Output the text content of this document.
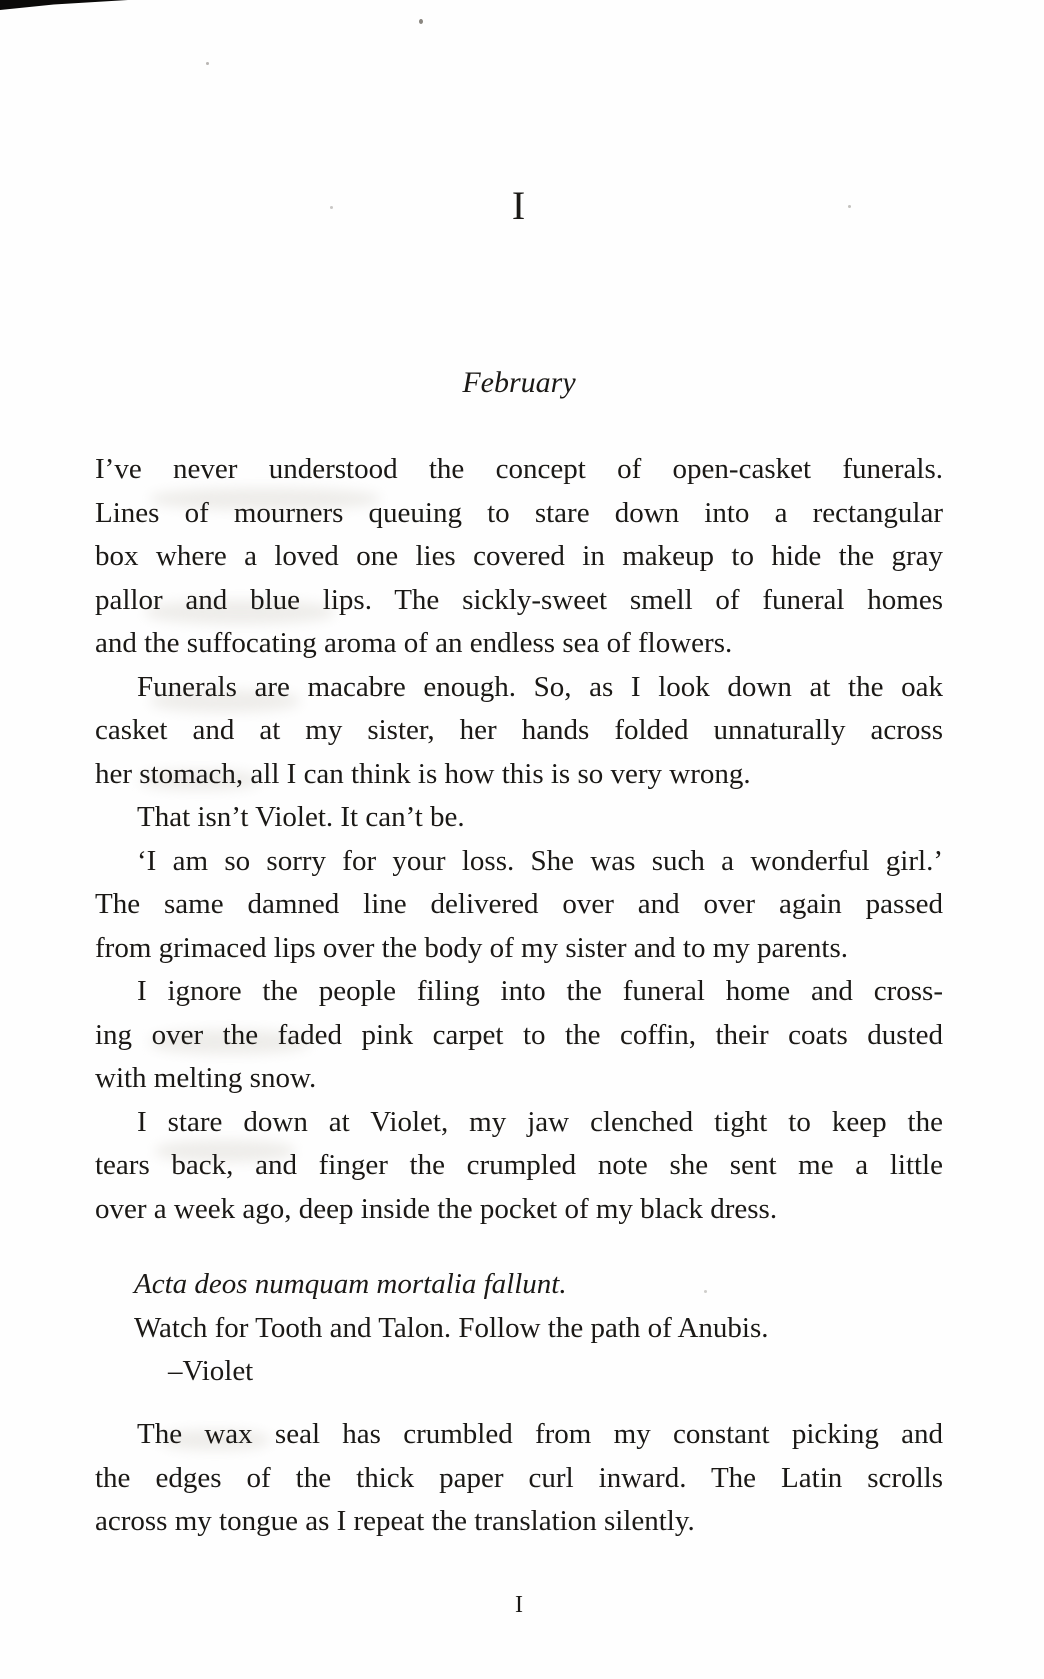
I
February
I’ve never understood the concept of open-casket funerals.
Lines of mourners queuing to stare down into a rectangular
box where a loved one lies covered in makeup to hide the gray
pallor and blue lips. The sickly-sweet smell of funeral homes
and the suffocating aroma of an endless sea of flowers.
Funerals are macabre enough. So, as I look down at the oak
casket and at my sister, her hands folded unnaturally across
her stomach, all I can think is how this is so very wrong.
That isn’t Violet. It can’t be.
‘I am so sorry for your loss. She was such a wonderful girl.’
The same damned line delivered over and over again passed
from grimaced lips over the body of my sister and to my parents.
I ignore the people filing into the funeral home and cross-
ing over the faded pink carpet to the coffin, their coats dusted
with melting snow.
I stare down at Violet, my jaw clenched tight to keep the
tears back, and finger the crumpled note she sent me a little
over a week ago, deep inside the pocket of my black dress.
Acta deos numquam mortalia fallunt.
Watch for Tooth and Talon. Follow the path of Anubis.
–Violet
The wax seal has crumbled from my constant picking and
the edges of the thick paper curl inward. The Latin scrolls
across my tongue as I repeat the translation silently.
I
